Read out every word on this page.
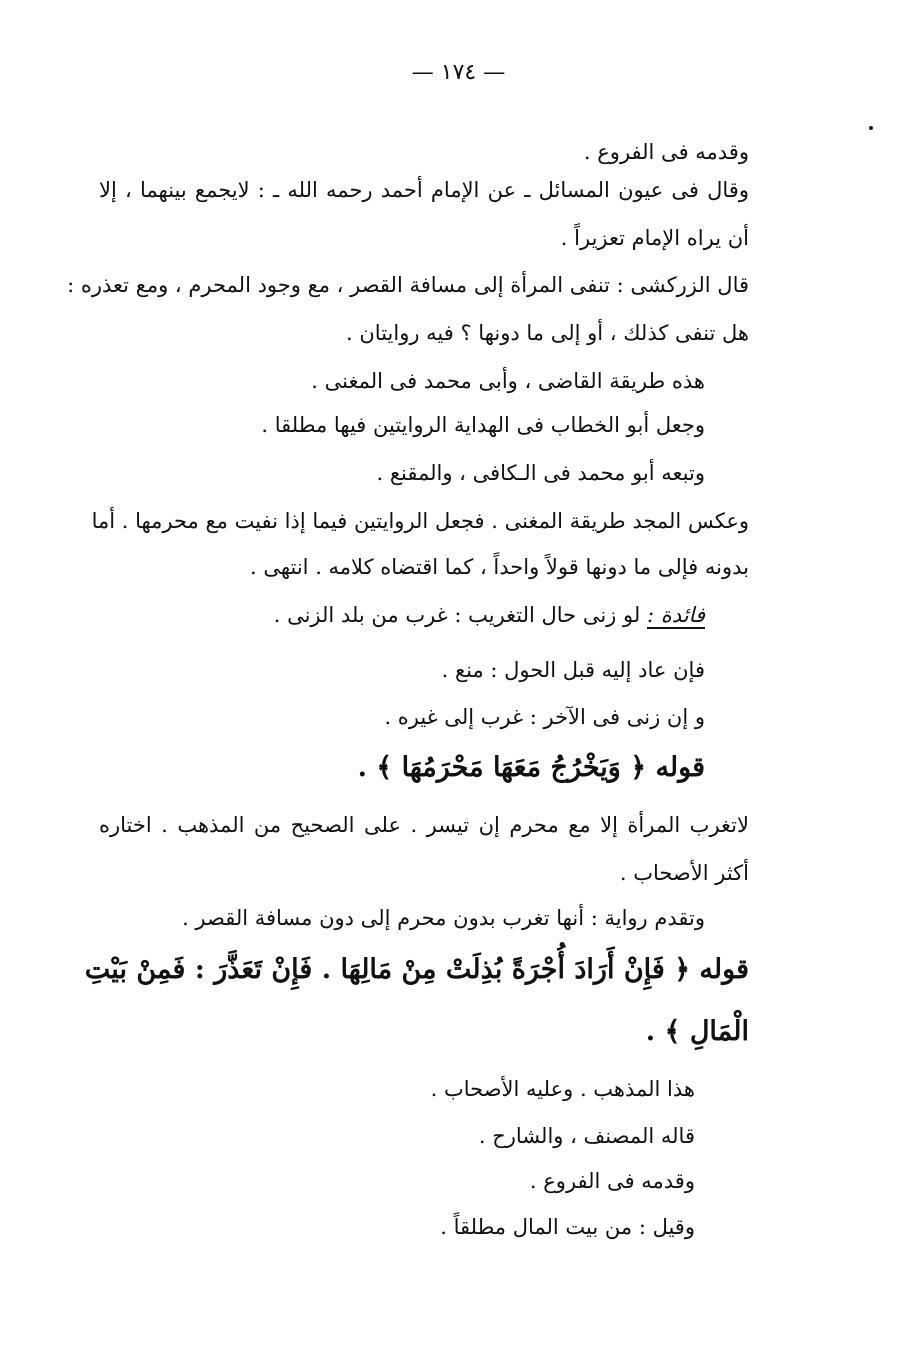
— ١٧٤ —
وقدمه فى الفروع .
وقال فى عيون المسائل ـ عن الإمام أحمد رحمه الله ـ : لايجمع بينهما ، إلا
أن يراه الإمام تعزيراً .
قال الزركشى : تنفى المرأة إلى مسافة القصر ، مع وجود المحرم ، ومع تعذره :
هل تنفى كذلك ، أو إلى ما دونها ؟ فيه روايتان .
هذه طريقة القاضى ، وأبى محمد فى المغنى .
وجعل أبو الخطاب فى الهداية الروايتين فيها مطلقا .
وتبعه أبو محمد فى الـكافى ، والمقنع .
وعكس المجد طريقة المغنى . فجعل الروايتين فيما إذا نفيت مع محرمها . أما
بدونه فإلى ما دونها قولاً واحداً ، كما اقتضاه كلامه . انتهى .
فائدة : لو زنى حال التغريب : غرب من بلد الزنى .
فإن عاد إليه قبل الحول : منع .
و إن زنى فى الآخر : غرب إلى غيره .
قوله ﴿ وَيَخْرُجُ مَعَهَا مَحْرَمُهَا ﴾ .
لاتغرب المرأة إلا مع محرم إن تيسر . على الصحيح من المذهب . اختاره
أكثر الأصحاب .
وتقدم رواية : أنها تغرب بدون محرم إلى دون مسافة القصر .
قوله ﴿ فَإِنْ أَرَادَ أُجْرَةً بُذِلَتْ مِنْ مَالِهَا . فَإِنْ تَعَذَّرَ : فَمِنْ بَيْتِ
الْمَالِ ﴾ .
هذا المذهب . وعليه الأصحاب .
قاله المصنف ، والشارح .
وقدمه فى الفروع .
وقيل : من بيت المال مطلقاً .
